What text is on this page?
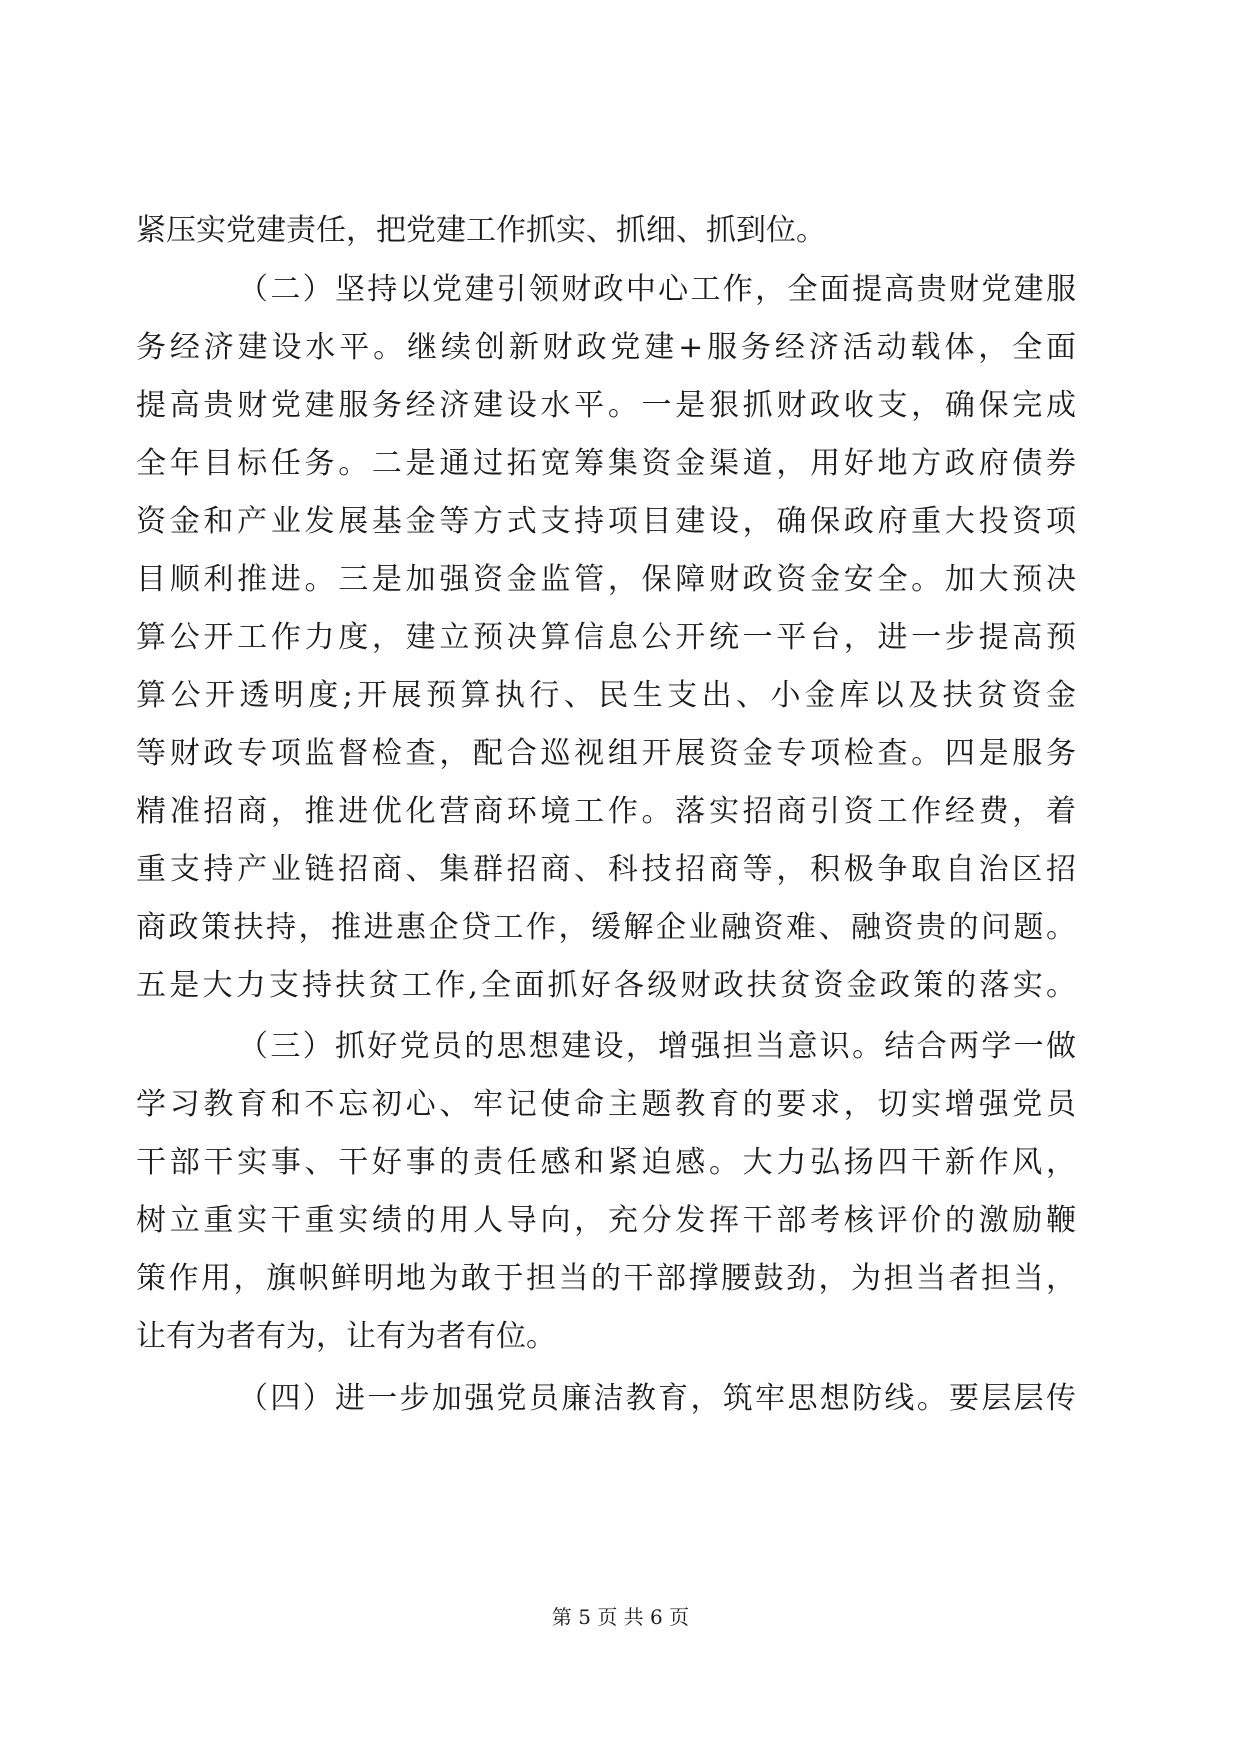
紧压实党建责任，把党建工作抓实、抓细、抓到位。
（二）坚持以党建引领财政中心工作，全面提高贵财党建服
务经济建设水平。继续创新财政党建+服务经济活动载体，全面
提高贵财党建服务经济建设水平。一是狠抓财政收支，确保完成
全年目标任务。二是通过拓宽筹集资金渠道，用好地方政府债券
资金和产业发展基金等方式支持项目建设，确保政府重大投资项
目顺利推进。三是加强资金监管，保障财政资金安全。加大预决
算公开工作力度，建立预决算信息公开统一平台，进一步提高预
算公开透明度;开展预算执行、民生支出、小金库以及扶贫资金
等财政专项监督检查，配合巡视组开展资金专项检查。四是服务
精准招商，推进优化营商环境工作。落实招商引资工作经费，着
重支持产业链招商、集群招商、科技招商等，积极争取自治区招
商政策扶持，推进惠企贷工作，缓解企业融资难、融资贵的问题。
五是大力支持扶贫工作,全面抓好各级财政扶贫资金政策的落实。
（三）抓好党员的思想建设，增强担当意识。结合两学一做
学习教育和不忘初心、牢记使命主题教育的要求，切实增强党员
干部干实事、干好事的责任感和紧迫感。大力弘扬四干新作风，
树立重实干重实绩的用人导向，充分发挥干部考核评价的激励鞭
策作用，旗帜鲜明地为敢于担当的干部撑腰鼓劲，为担当者担当，
让有为者有为，让有为者有位。
（四）进一步加强党员廉洁教育，筑牢思想防线。要层层传
第 5 页 共 6 页
